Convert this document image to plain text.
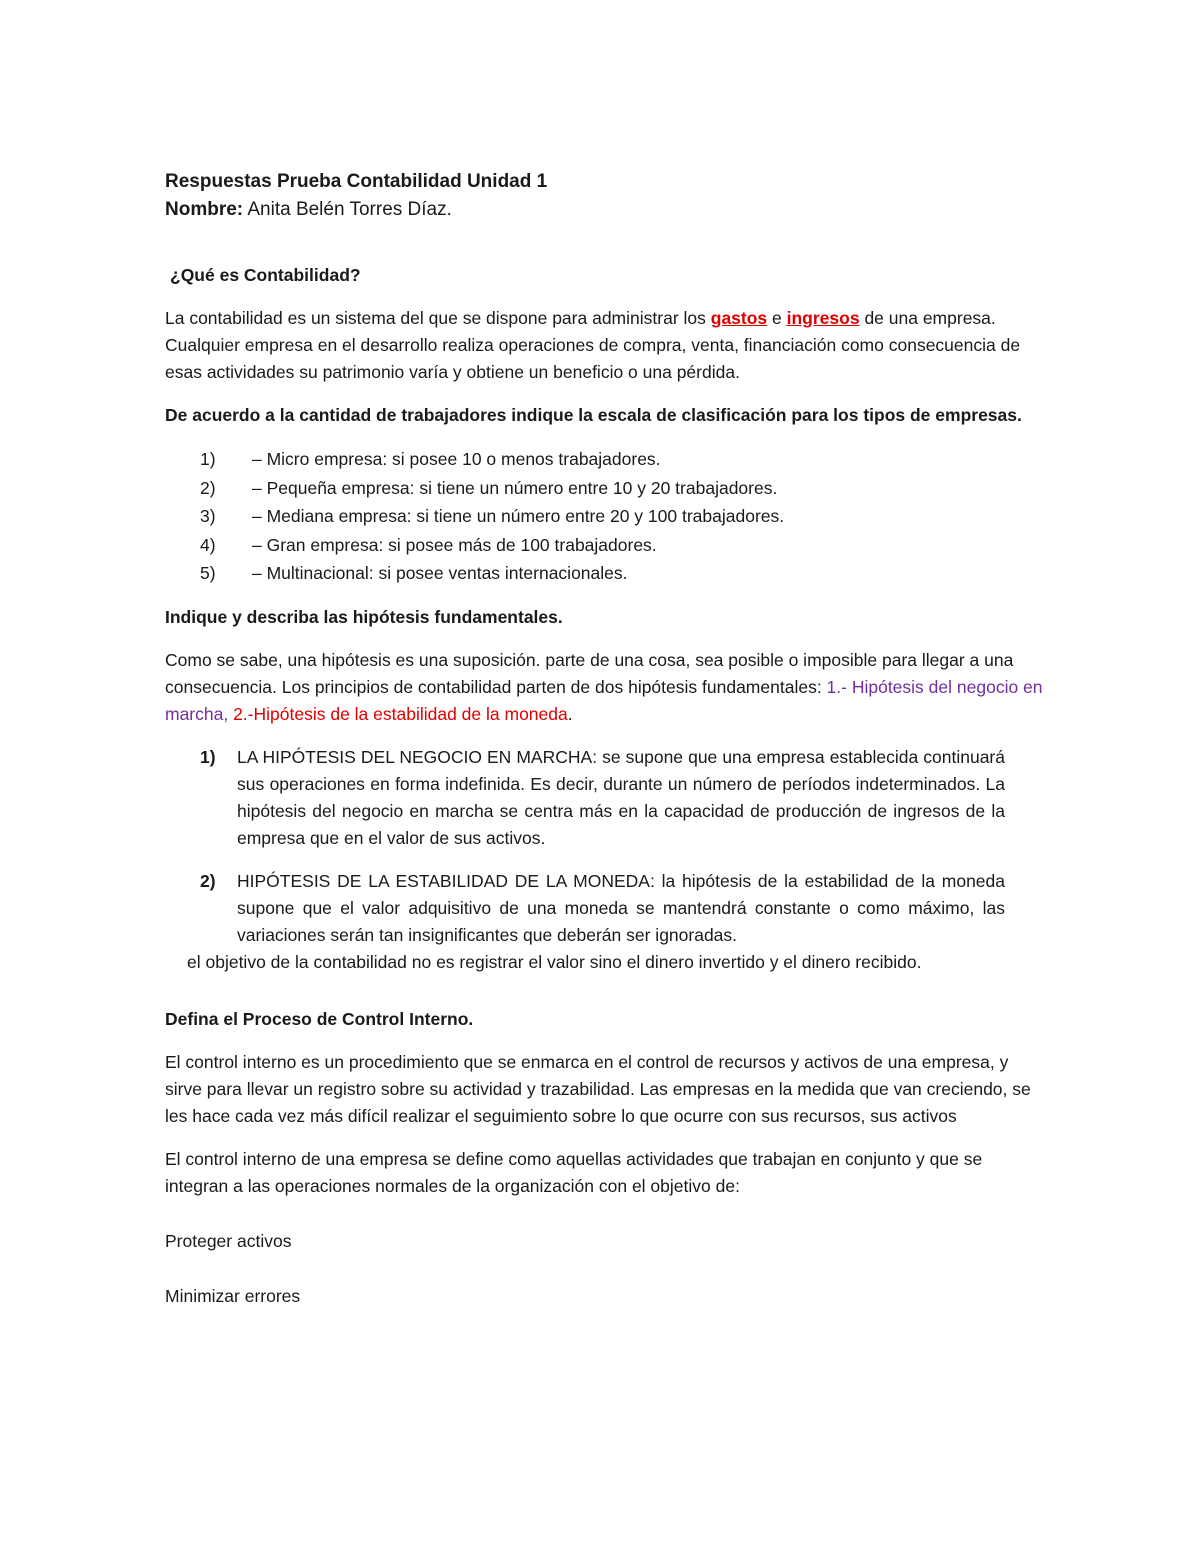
Respuestas Prueba Contabilidad Unidad 1

Nombre: Anita Belén Torres Díaz.

¿Qué es Contabilidad?

La contabilidad es un sistema del que se dispone para administrar los gastos e ingresos de una empresa. Cualquier empresa en el desarrollo realiza operaciones de compra, venta, financiación como consecuencia de esas actividades su patrimonio varía y obtiene un beneficio o una pérdida.

De acuerdo a la cantidad de trabajadores indique la escala de clasificación para los tipos de empresas.

1)	– Micro empresa: si posee 10 o menos trabajadores.
2)	– Pequeña empresa: si tiene un número entre 10 y 20 trabajadores.
3)	– Mediana empresa: si tiene un número entre 20 y 100 trabajadores.
4)	– Gran empresa: si posee más de 100 trabajadores.
5)	– Multinacional: si posee ventas internacionales.

Indique y describa las hipótesis fundamentales.

Como se sabe, una hipótesis es una suposición. parte de una cosa, sea posible o imposible para llegar a una consecuencia. Los principios de contabilidad parten de dos hipótesis fundamentales: 1.- Hipótesis del negocio en marcha, 2.-Hipótesis de la estabilidad de la moneda.

1)	LA HIPÓTESIS DEL NEGOCIO EN MARCHA: se supone que una empresa establecida continuará sus operaciones en forma indefinida. Es decir, durante un número de períodos indeterminados. La hipótesis del negocio en marcha se centra más en la capacidad de producción de ingresos de la empresa que en el valor de sus activos.
2)	HIPÓTESIS DE LA ESTABILIDAD DE LA MONEDA: la hipótesis de la estabilidad de la moneda supone que el valor adquisitivo de una moneda se mantendrá constante o como máximo, las variaciones serán tan insignificantes que deberán ser ignoradas.

el objetivo de la contabilidad no es registrar el valor sino el dinero invertido y el dinero recibido.

Defina el Proceso de Control Interno.

El control interno es un procedimiento que se enmarca en el control de recursos y activos de una empresa, y sirve para llevar un registro sobre su actividad y trazabilidad. Las empresas en la medida que van creciendo, se les hace cada vez más difícil realizar el seguimiento sobre lo que ocurre con sus recursos, sus activos

El control interno de una empresa se define como aquellas actividades que trabajan en conjunto y que se integran a las operaciones normales de la organización con el objetivo de:

Proteger activos

Minimizar errores
